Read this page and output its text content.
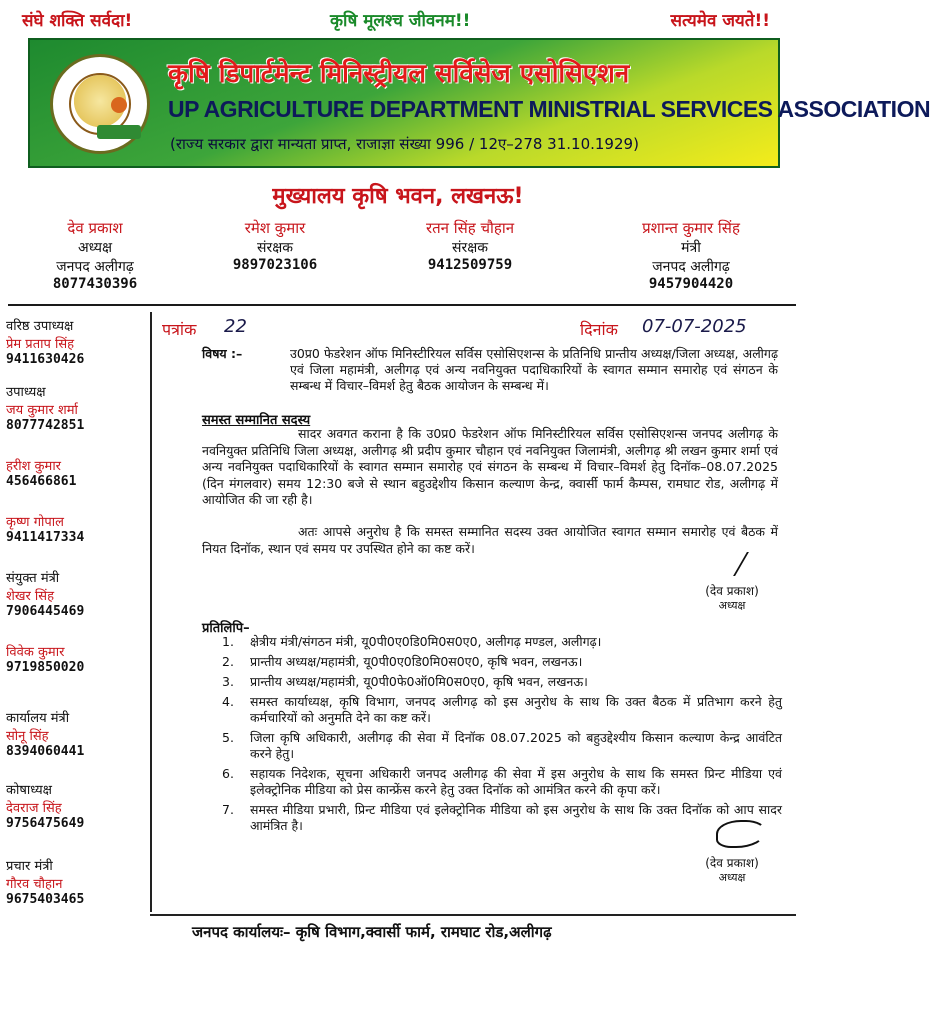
संघे शक्ति सर्वदा!	कृषि मूलश्च जीवनम!!	सत्यमेव जयते!!
कृषि डिपार्टमेन्ट मिनिस्ट्रीयल सर्विसेज एसोसिएशन
UP AGRICULTURE DEPARTMENT MINISTRIAL SERVICES ASSOCIATION
(राज्य सरकार द्वारा मान्यता प्राप्त, राजाज्ञा संख्या 996 / 12ए–278 31.10.1929)
मुख्यालय कृषि भवन, लखनऊ!
देव प्रकाश
अध्यक्ष
जनपद अलीगढ़
8077430396
रमेश कुमार
संरक्षक
9897023106
रतन सिंह चौहान
संरक्षक
9412509759
प्रशान्त कुमार सिंह
मंत्री
जनपद अलीगढ़
9457904420
वरिष्ठ उपाध्यक्ष
प्रेम प्रताप सिंह
9411630426
उपाध्यक्ष
जय कुमार शर्मा
8077742851
हरीश कुमार
456466861
कृष्ण गोपाल
9411417334
संयुक्त मंत्री
शेखर सिंह
7906445469
विवेक कुमार
9719850020
कार्यालय मंत्री
सोनू सिंह
8394060441
कोषाध्यक्ष
देवराज सिंह
9756475649
प्रचार मंत्री
गौरव चौहान
9675403465
पत्रांक 22	दिनांक 07-07-2025
विषय :–	उ0प्र0 फेडरेशन ऑफ मिनिस्टीरियल सर्विस एसोसिएशन्स के प्रतिनिधि प्रान्तीय अध्यक्ष/जिला अध्यक्ष, अलीगढ़ एवं जिला महामंत्री, अलीगढ़ एवं अन्य नवनियुक्त पदाधिकारियों के स्वागत सम्मान समारोह एवं संगठन के सम्बन्ध में विचार–विमर्श हेतु बैठक आयोजन के सम्बन्ध में।
समस्त सम्मानित सदस्य
सादर अवगत कराना है कि उ0प्र0 फेडरेशन ऑफ मिनिस्टीरियल सर्विस एसोसिएशन्स जनपद अलीगढ़ के नवनियुक्त प्रतिनिधि जिला अध्यक्ष, अलीगढ़ श्री प्रदीप कुमार चौहान एवं नवनियुक्त जिलामंत्री, अलीगढ़ श्री लखन कुमार शर्मा एवं अन्य नवनियुक्त पदाधिकारियों के स्वागत सम्मान समारोह एवं संगठन के सम्बन्ध में विचार–विमर्श हेतु दिनॉक–08.07.2025 (दिन मंगलवार) समय 12:30 बजे से स्थान बहुउद्देशीय किसान कल्याण केन्द्र, क्वार्सी फार्म कैम्पस, रामघाट रोड, अलीगढ़ में आयोजित की जा रही है।
अतः आपसे अनुरोध है कि समस्त सम्मानित सदस्य उक्त आयोजित स्वागत सम्मान समारोह एवं बैठक में नियत दिनॉक, स्थान एवं समय पर उपस्थित होने का कष्ट करें।
(देव प्रकाश)
अध्यक्ष
प्रतिलिपि–
1. क्षेत्रीय मंत्री/संगठन मंत्री, यू0पी0ए0डि0मि0स0ए0, अलीगढ़ मण्डल, अलीगढ़।
2. प्रान्तीय अध्यक्ष/महामंत्री, यू0पी0ए0डि0मि0स0ए0, कृषि भवन, लखनऊ।
3. प्रान्तीय अध्यक्ष/महामंत्री, यू0पी0फे0ऑ0मि0स0ए0, कृषि भवन, लखनऊ।
4. समस्त कार्याध्यक्ष, कृषि विभाग, जनपद अलीगढ़ को इस अनुरोध के साथ कि उक्त बैठक में प्रतिभाग करने हेतु कर्मचारियों को अनुमति देने का कष्ट करें।
5. जिला कृषि अधिकारी, अलीगढ़ की सेवा में दिनॉक 08.07.2025 को बहुउद्देश्यीय किसान कल्याण केन्द्र आवंटित करने हेतु।
6. सहायक निदेशक, सूचना अधिकारी जनपद अलीगढ़ की सेवा में इस अनुरोध के साथ कि समस्त प्रिन्ट मीडिया एवं इलेक्ट्रोनिक मीडिया को प्रेस कान्फ्रेंस करने हेतु उक्त दिनॉक को आमंत्रित करने की कृपा करें।
7. समस्त मीडिया प्रभारी, प्रिन्ट मीडिया एवं इलेक्ट्रोनिक मीडिया को इस अनुरोध के साथ कि उक्त दिनॉक को आप सादर आमंत्रित है।
(देव प्रकाश)
अध्यक्ष
जनपद कार्यालयः– कृषि विभाग,क्वार्सी फार्म, रामघाट रोड,अलीगढ़
